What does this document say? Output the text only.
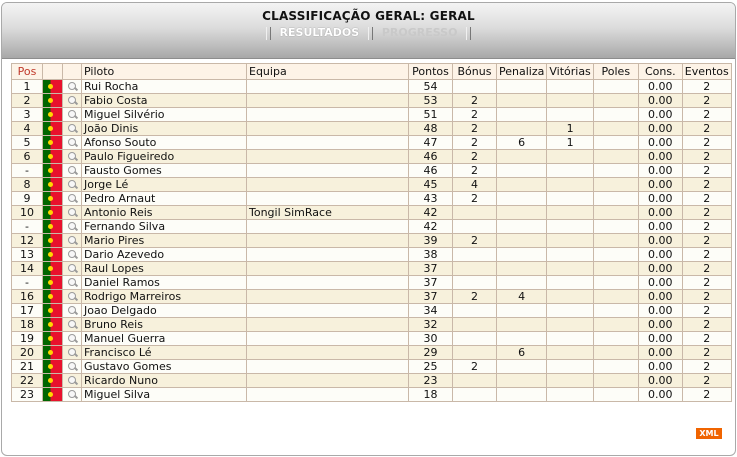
CLASSIFICAÇÃO GERAL: GERAL
RESULTADOS PROGRESSO
Pos			Piloto	Equipa	Pontos	Bónus	Penaliza	Vitórias	Poles	Cons.	Eventos
1			Rui Rocha		54					0.00	2
2			Fabio Costa		53	2				0.00	2
3			Miguel Silvério		51	2				0.00	2
4			João Dinis		48	2		1		0.00	2
5			Afonso Souto		47	2	6	1		0.00	2
6			Paulo Figueiredo		46	2				0.00	2
-			Fausto Gomes		46	2				0.00	2
8			Jorge Lé		45	4				0.00	2
9			Pedro Arnaut		43	2				0.00	2
10			Antonio Reis	Tongil SimRace	42					0.00	2
-			Fernando Silva		42					0.00	2
12			Mario Pires		39	2				0.00	2
13			Dario Azevedo		38					0.00	2
14			Raul Lopes		37					0.00	2
-			Daniel Ramos		37					0.00	2
16			Rodrigo Marreiros		37	2	4			0.00	2
17			Joao Delgado		34					0.00	2
18			Bruno Reis		32					0.00	2
19			Manuel Guerra		30					0.00	2
20			Francisco Lé		29		6			0.00	2
21			Gustavo Gomes		25	2				0.00	2
22			Ricardo Nuno		23					0.00	2
23			Miguel Silva		18					0.00	2
XML
